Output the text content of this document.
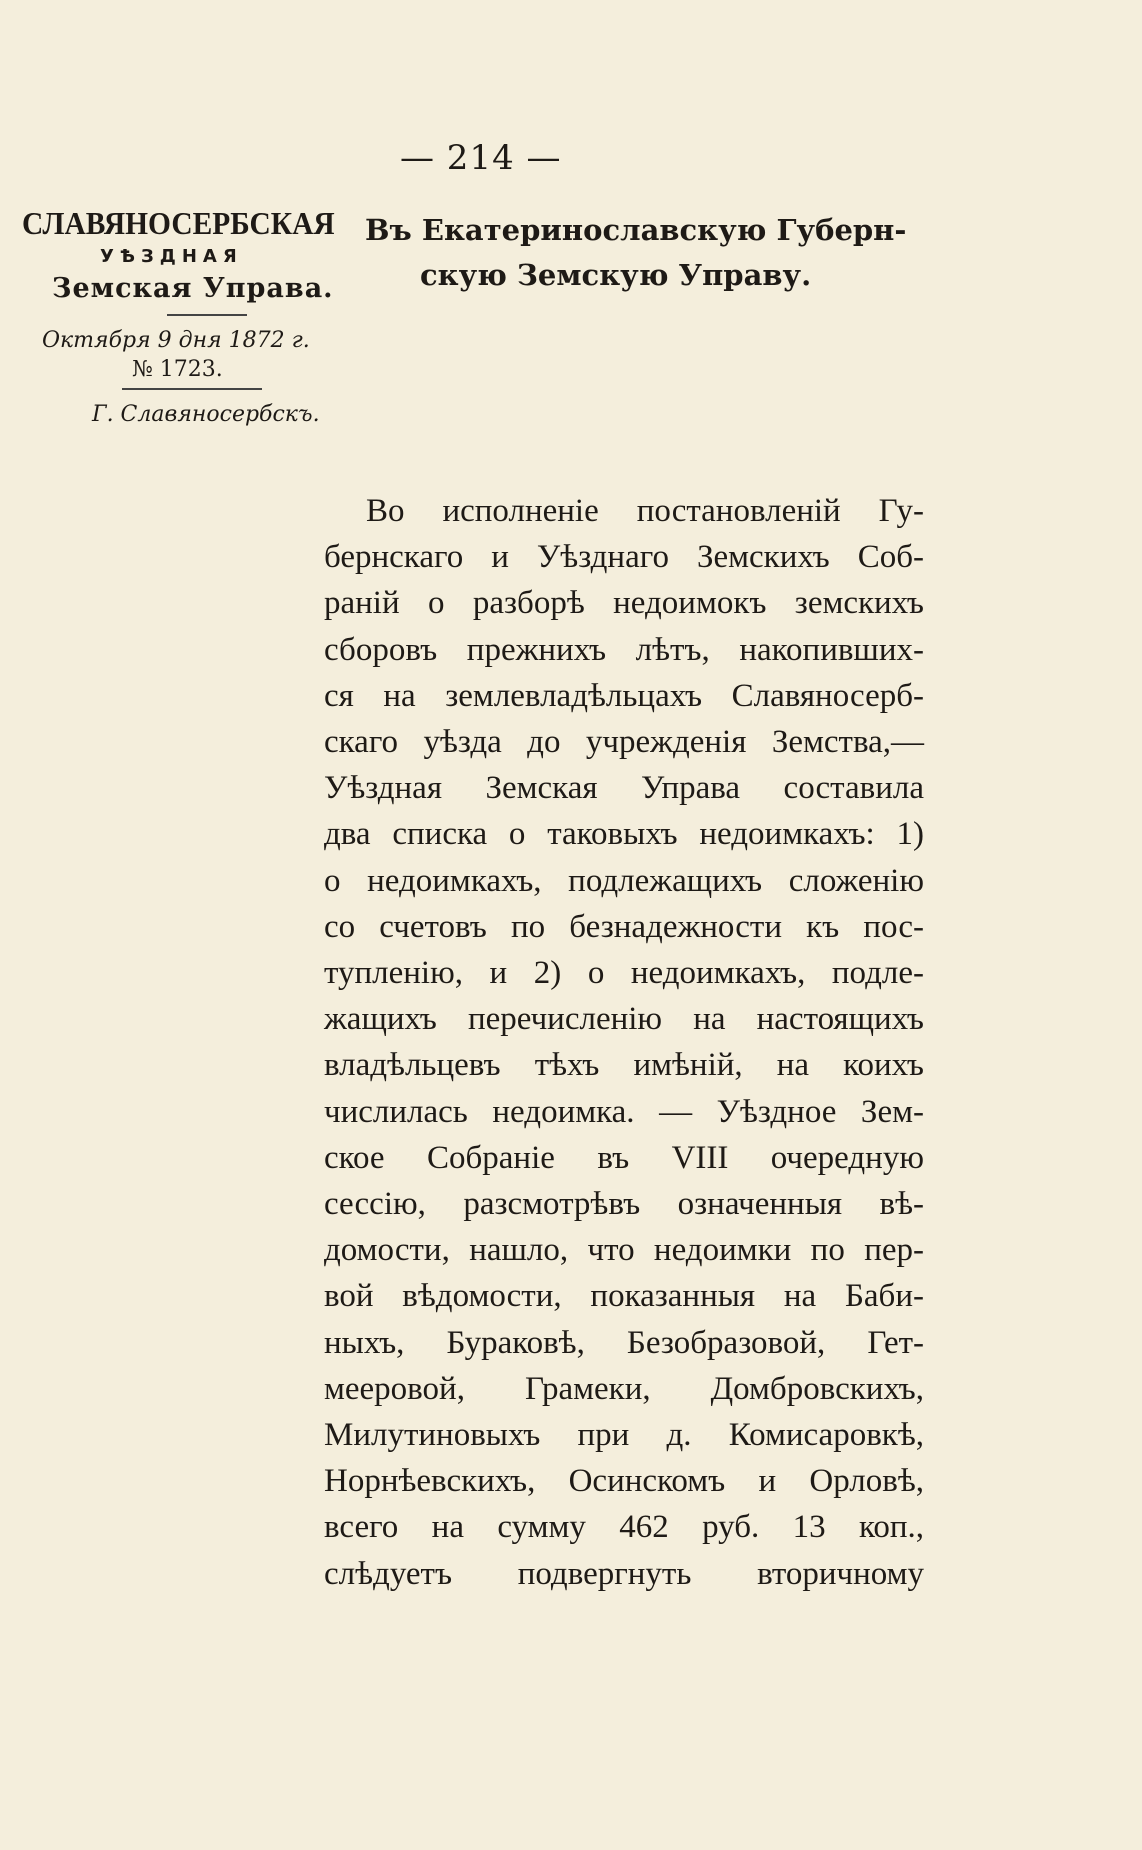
— 214 —
СЛАВЯНОСЕРБСКАЯ
УѢЗДНАЯ
Земская Управа.
Октября 9 дня 1872 г.
№ 1723.
Г. Славяносербскъ.
Въ Екатеринославскую Губерн-
скую Земскую Управу.
Во исполненіе постановленій Гу-
бернскаго и Уѣзднаго Земскихъ Соб-
раній о разборѣ недоимокъ земскихъ
сборовъ прежнихъ лѣтъ, накопивших-
ся на землевладѣльцахъ Славяносерб-
скаго уѣзда до учрежденія Земства,—
Уѣздная Земская Управа составила
два списка о таковыхъ недоимкахъ: 1)
о недоимкахъ, подлежащихъ сложенію
со счетовъ по безнадежности къ пос-
тупленію, и 2) о недоимкахъ, подле-
жащихъ перечисленію на настоящихъ
владѣльцевъ тѣхъ имѣній, на коихъ
числилась недоимка. — Уѣздное Зем-
ское Собраніе въ VIII очередную
сессію, разсмотрѣвъ означенныя вѣ-
домости, нашло, что недоимки по пер-
вой вѣдомости, показанныя на Баби-
ныхъ, Бураковѣ, Безобразовой, Гет-
мееровой, Грамеки, Домбровскихъ,
Милутиновыхъ при д. Комисаровкѣ,
Норнѣевскихъ, Осинскомъ и Орловѣ,
всего на сумму 462 руб. 13 коп.,
слѣдуетъ подвергнуть вторичному
